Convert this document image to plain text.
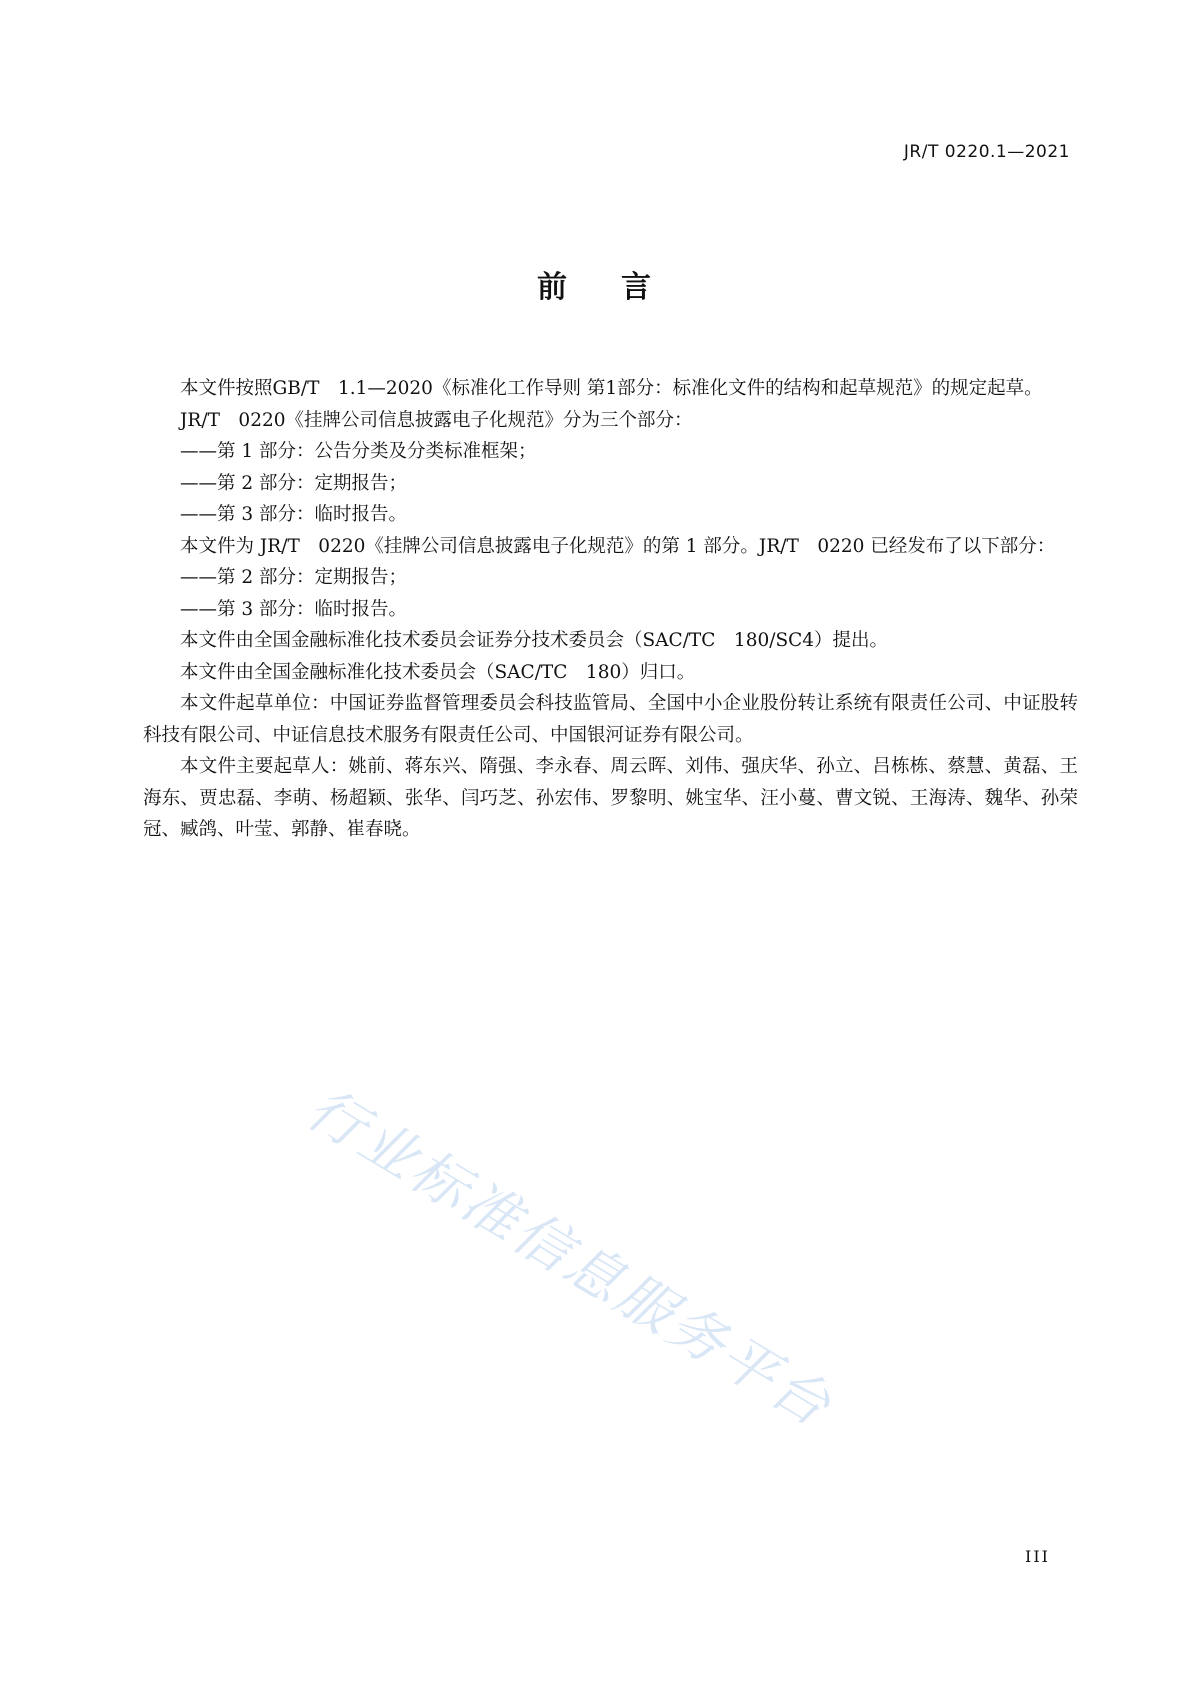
JR/T 0220.1—2021
前 言

本文件按照GB/T　1.1—2020《标准化工作导则 第1部分：标准化文件的结构和起草规范》的规定起草。

JR/T　0220《挂牌公司信息披露电子化规范》分为三个部分：

——第 1 部分：公告分类及分类标准框架；

——第 2 部分：定期报告；

——第 3 部分：临时报告。

本文件为 JR/T　0220《挂牌公司信息披露电子化规范》的第 1 部分。JR/T　0220 已经发布了以下部分：

——第 2 部分：定期报告；

——第 3 部分：临时报告。

本文件由全国金融标准化技术委员会证券分技术委员会（SAC/TC　180/SC4）提出。

本文件由全国金融标准化技术委员会（SAC/TC　180）归口。

本文件起草单位：中国证券监督管理委员会科技监管局、全国中小企业股份转让系统有限责任公司、中证股转科技有限公司、中证信息技术服务有限责任公司、中国银河证券有限公司。

本文件主要起草人：姚前、蒋东兴、隋强、李永春、周云晖、刘伟、强庆华、孙立、吕栋栋、蔡慧、黄磊、王海东、贾忠磊、李萌、杨超颖、张华、闫巧芝、孙宏伟、罗黎明、姚宝华、汪小蔓、曹文锐、王海涛、魏华、孙荣冠、臧鸽、叶莹、郭静、崔春晓。

行业标准信息服务平台
III
